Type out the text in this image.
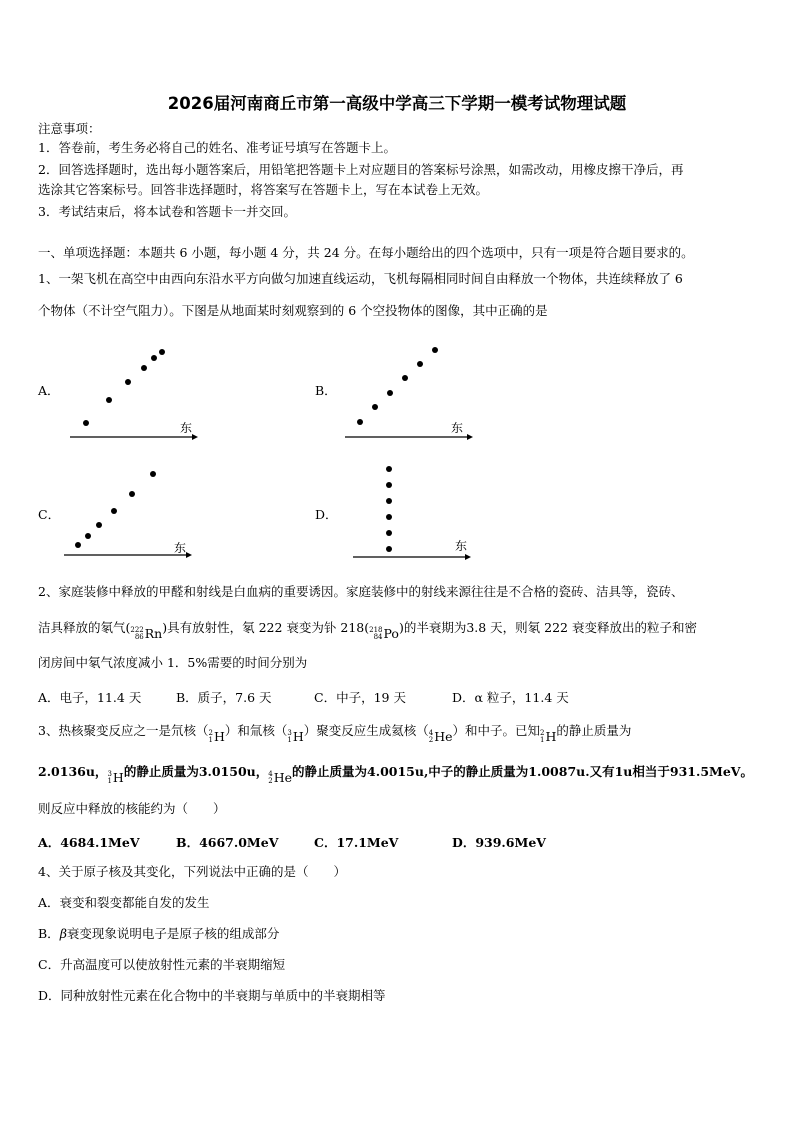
2026届河南商丘市第一高级中学高三下学期一模考试物理试题
注意事项：
1．答卷前，考生务必将自己的姓名、准考证号填写在答题卡上。
2．回答选择题时，选出每小题答案后，用铅笔把答题卡上对应题目的答案标号涂黑，如需改动，用橡皮擦干净后，再
选涂其它答案标号。回答非选择题时，将答案写在答题卡上，写在本试卷上无效。
3．考试结束后，将本试卷和答题卡一并交回。
一、单项选择题：本题共 6 小题，每小题 4 分，共 24 分。在每小题给出的四个选项中，只有一项是符合题目要求的。
1、一架飞机在高空中由西向东沿水平方向做匀加速直线运动，飞机每隔相同时间自由释放一个物体，共连续释放了 6
个物体（不计空气阻力）。下图是从地面某时刻观察到的 6 个空投物体的图像，其中正确的是
A．
东
B．
东
C．
东
D．
东
2、家庭装修中释放的甲醛和射线是白血病的重要诱因。家庭装修中的射线来源往往是不合格的瓷砖、洁具等，瓷砖、
洁具释放的氡气( 222
86 Rn )具有放射性，氡 222 衰变为钋 218( 218
84 Po )的半衰期为3.8 天，则氡 222 衰变释放出的粒子和密
闭房间中氡气浓度减小 1．5%需要的时间分别为
A．电子，11.4 天	B．质子，7.6 天	C．中子，19 天	D．α 粒子，11.4 天
3、热核聚变反应之一是氘核（ 2
1 H ）和氚核（ 3
1 H ）聚变反应生成氦核（ 4
2 He ）和中子。已知 2
1 H 的静止质量为
2.0136u， 3
1 H 的静止质量为3.0150u， 4
2 He 的静止质量为4.0015u,中子的静止质量为1.0087u.又有1u相当于931.5MeV。
则反应中释放的核能约为（　　）
A．4684.1MeV	B．4667.0MeV	C．17.1MeV	D．939.6MeV
4、关于原子核及其变化，下列说法中正确的是（　　）
A．衰变和裂变都能自发的发生
B．β衰变现象说明电子是原子核的组成部分
C．升高温度可以使放射性元素的半衰期缩短
D．同种放射性元素在化合物中的半衰期与单质中的半衰期相等
